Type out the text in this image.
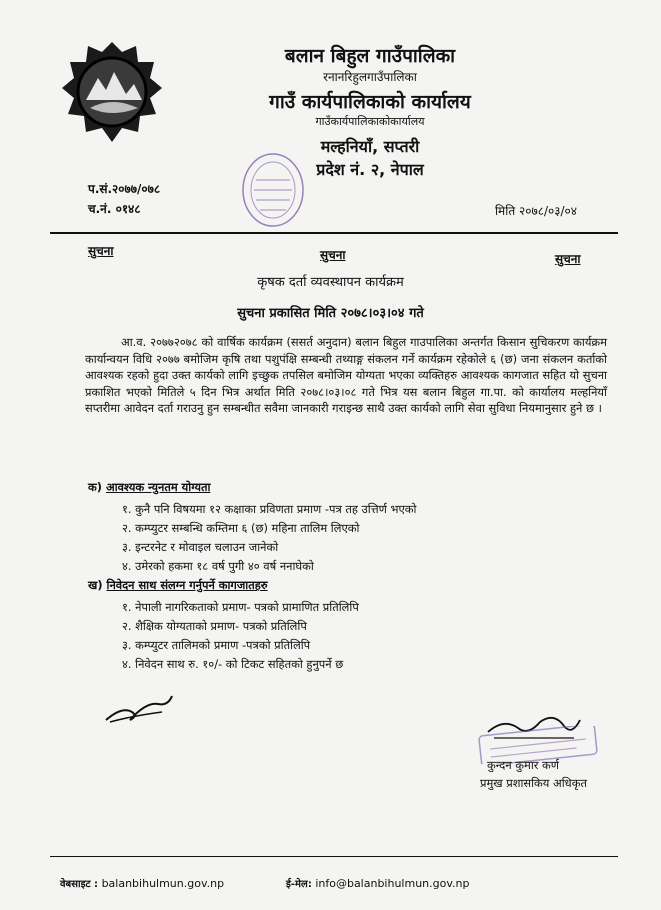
बलान बिहुल गाउँपालिका
रनानरिहुलगाउँपालिका
गाउँ कार्यपालिकाको कार्यालय
गाउँकार्यपालिकाकोकार्यालय
मल्हनियाँ, सप्तरी
प्रदेश नं. २, नेपाल
प.सं.२०७७/०७८
च.नं. ०१४८	मिति २०७८/०३/०४
सुचना	सुचना	सुचना
कृषक दर्ता व्यवस्थापन कार्यक्रम
सुचना प्रकासित मिति २०७८।०३।०४ गते
आ.व. २०७७२०७८ को वार्षिक कार्यक्रम (ससर्त अनुदान) बलान बिहुल गाउपालिका अन्तर्गत किसान सुचिकरण कार्यक्रम कार्यान्वयन विधि २०७७ बमोजिम कृषि तथा पशुपंक्षि सम्बन्धी तथ्याङ्ग संकलन गर्ने कार्यक्रम रहेकोले ६ (छ) जना संकलन कर्ताको आवश्यक रहको हुदा उक्त कार्यको लागि इच्छुक तपसिल बमोजिम योग्यता भएका व्यक्तिहरु आवश्यक कागजात सहित यो सुचना प्रकाशित भएको मितिले ५ दिन भित्र अर्थात मिति २०७८।०३।०८ गते भित्र यस बलान बिहुल गा.पा. को कार्यालय मल्हनियाँ सप्तरीमा आवेदन दर्ता गराउनु हुन सम्बन्धीत सवैमा जानकारी गराइन्छ साथै उक्त कार्यको लागि सेवा सुविधा नियमानुसार हुने छ ।
क) आवश्यक न्युनतम योग्यता
१. कुनै पनि विषयमा १२ कक्षाका प्रविणता प्रमाण -पत्र तह उत्तिर्ण भएको
२. कम्प्युटर सम्बन्धि कम्तिमा ६ (छ) महिना तालिम लिएको
३. इन्टरनेट र मोवाइल चलाउन जानेको
४. उमेरको हकमा १८ वर्ष पुगी ४० वर्ष ननाघेको
ख) निवेदन साथ संलग्न गर्नुपर्ने कागजातहरु
१. नेपाली नागरिकताको प्रमाण- पत्रको प्रामाणित प्रतिलिपि
२. शैक्षिक योग्यताको प्रमाण- पत्रको प्रतिलिपि
३. कम्प्युटर तालिमको प्रमाण -पत्रको प्रतिलिपि
४. निवेदन साथ रु. १०/- को टिकट सहितको हुनुपर्ने छ
कुन्दन कुमार कर्ण
प्रमुख प्रशासकिय अधिकृत
वेबसाइट : balanbihulmun.gov.np	ई-मेल: info@balanbihulmun.gov.np
